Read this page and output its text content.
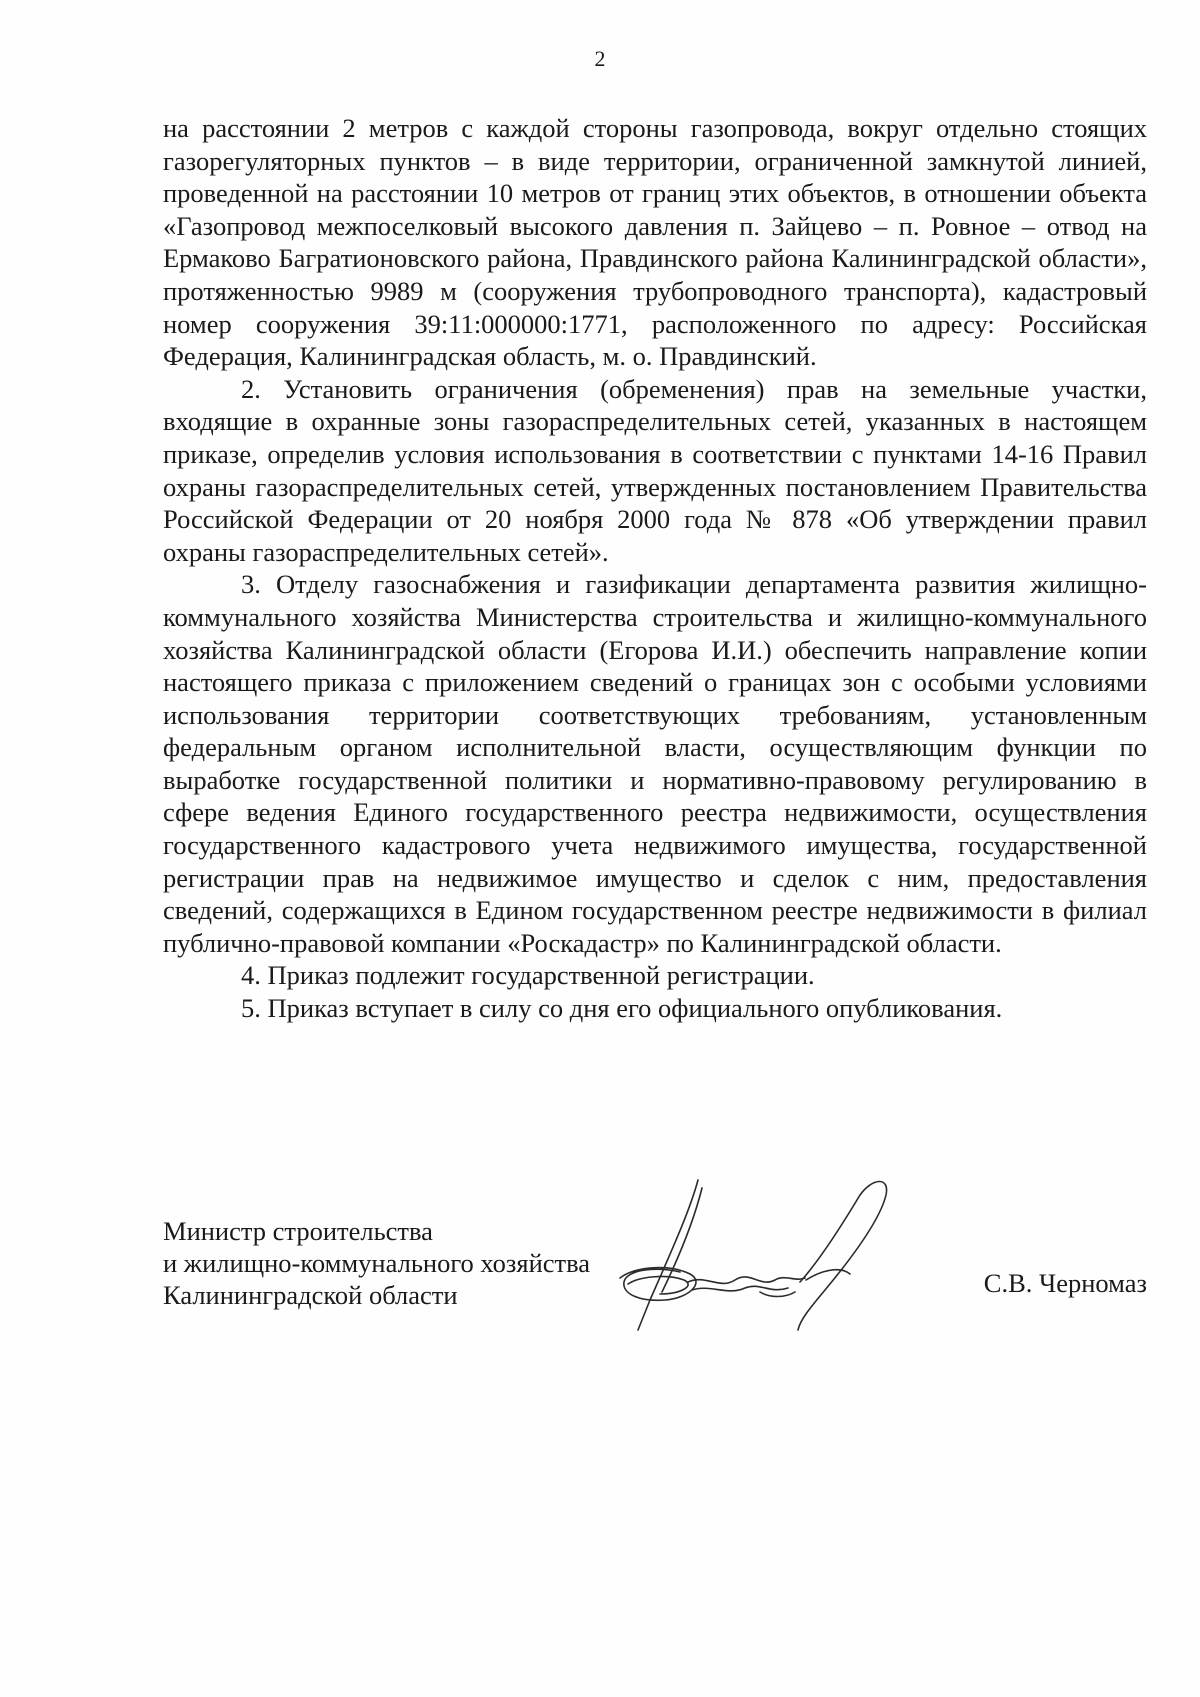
2

на расстоянии 2 метров с каждой стороны газопровода, вокруг отдельно стоящих газорегуляторных пунктов – в виде территории, ограниченной замкнутой линией, проведенной на расстоянии 10 метров от границ этих объектов, в отношении объекта «Газопровод межпоселковый высокого давления п. Зайцево – п. Ровное – отвод на Ермаково Багратионовского района, Правдинского района Калининградской области», протяженностью 9989 м (сооружения трубопроводного транспорта), кадастровый номер сооружения 39:11:000000:1771, расположенного по адресу: Российская Федерация, Калининградская область, м. о. Правдинский.

2. Установить ограничения (обременения) прав на земельные участки, входящие в охранные зоны газораспределительных сетей, указанных в настоящем приказе, определив условия использования в соответствии с пунктами 14-16 Правил охраны газораспределительных сетей, утвержденных постановлением Правительства Российской Федерации от 20 ноября 2000 года № 878 «Об утверждении правил охраны газораспределительных сетей».

3. Отделу газоснабжения и газификации департамента развития жилищно-коммунального хозяйства Министерства строительства и жилищно-коммунального хозяйства Калининградской области (Егорова И.И.) обеспечить направление копии настоящего приказа с приложением сведений о границах зон с особыми условиями использования территории соответствующих требованиям, установленным федеральным органом исполнительной власти, осуществляющим функции по выработке государственной политики и нормативно-правовому регулированию в сфере ведения Единого государственного реестра недвижимости, осуществления государственного кадастрового учета недвижимого имущества, государственной регистрации прав на недвижимое имущество и сделок с ним, предоставления сведений, содержащихся в Едином государственном реестре недвижимости в филиал публично-правовой компании «Роскадастр» по Калининградской области.

4. Приказ подлежит государственной регистрации.

5. Приказ вступает в силу со дня его официального опубликования.

Министр строительства
и жилищно-коммунального хозяйства
Калининградской области	С.В. Черномаз
